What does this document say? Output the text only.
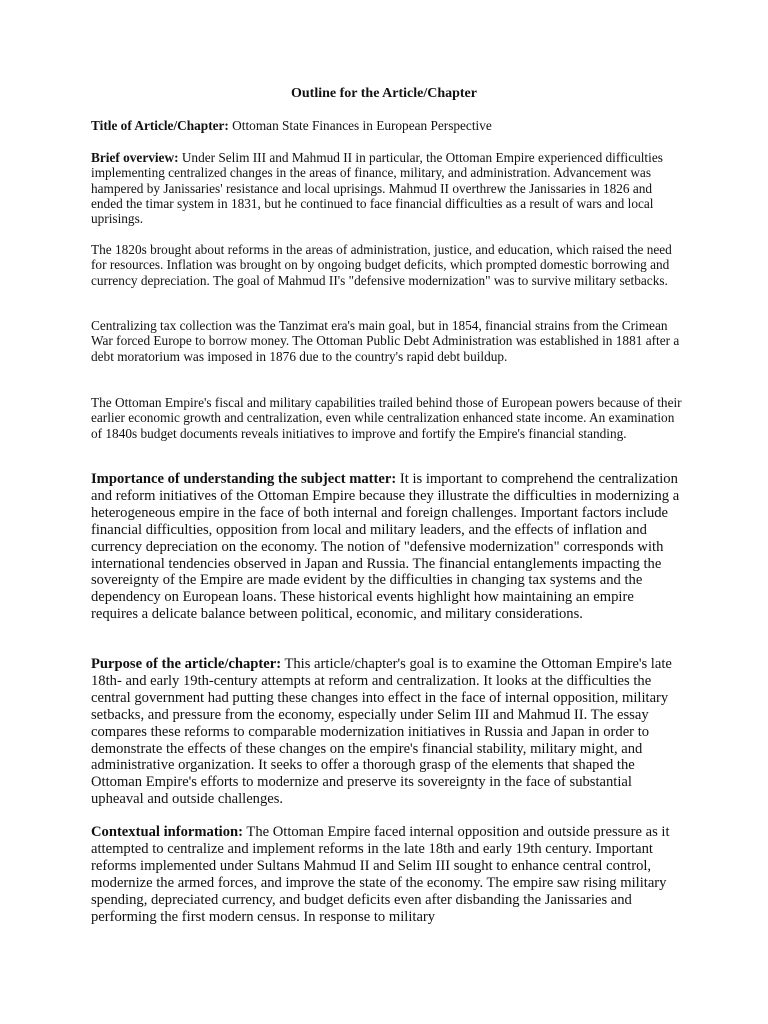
Outline for the Article/Chapter

Title of Article/Chapter: Ottoman State Finances in European Perspective

Brief overview: Under Selim III and Mahmud II in particular, the Ottoman Empire experienced difficulties implementing centralized changes in the areas of finance, military, and administration. Advancement was hampered by Janissaries' resistance and local uprisings. Mahmud II overthrew the Janissaries in 1826 and ended the timar system in 1831, but he continued to face financial difficulties as a result of wars and local uprisings.

The 1820s brought about reforms in the areas of administration, justice, and education, which raised the need for resources. Inflation was brought on by ongoing budget deficits, which prompted domestic borrowing and currency depreciation. The goal of Mahmud II's "defensive modernization" was to survive military setbacks.

Centralizing tax collection was the Tanzimat era's main goal, but in 1854, financial strains from the Crimean War forced Europe to borrow money. The Ottoman Public Debt Administration was established in 1881 after a debt moratorium was imposed in 1876 due to the country's rapid debt buildup.

The Ottoman Empire's fiscal and military capabilities trailed behind those of European powers because of their earlier economic growth and centralization, even while centralization enhanced state income. An examination of 1840s budget documents reveals initiatives to improve and fortify the Empire's financial standing.

Importance of understanding the subject matter: It is important to comprehend the centralization and reform initiatives of the Ottoman Empire because they illustrate the difficulties in modernizing a heterogeneous empire in the face of both internal and foreign challenges. Important factors include financial difficulties, opposition from local and military leaders, and the effects of inflation and currency depreciation on the economy. The notion of "defensive modernization" corresponds with international tendencies observed in Japan and Russia. The financial entanglements impacting the sovereignty of the Empire are made evident by the difficulties in changing tax systems and the dependency on European loans. These historical events highlight how maintaining an empire requires a delicate balance between political, economic, and military considerations.

Purpose of the article/chapter: This article/chapter's goal is to examine the Ottoman Empire's late 18th- and early 19th-century attempts at reform and centralization. It looks at the difficulties the central government had putting these changes into effect in the face of internal opposition, military setbacks, and pressure from the economy, especially under Selim III and Mahmud II. The essay compares these reforms to comparable modernization initiatives in Russia and Japan in order to demonstrate the effects of these changes on the empire's financial stability, military might, and administrative organization. It seeks to offer a thorough grasp of the elements that shaped the Ottoman Empire's efforts to modernize and preserve its sovereignty in the face of substantial upheaval and outside challenges.

Contextual information: The Ottoman Empire faced internal opposition and outside pressure as it attempted to centralize and implement reforms in the late 18th and early 19th century. Important reforms implemented under Sultans Mahmud II and Selim III sought to enhance central control, modernize the armed forces, and improve the state of the economy. The empire saw rising military spending, depreciated currency, and budget deficits even after disbanding the Janissaries and performing the first modern census. In response to military
